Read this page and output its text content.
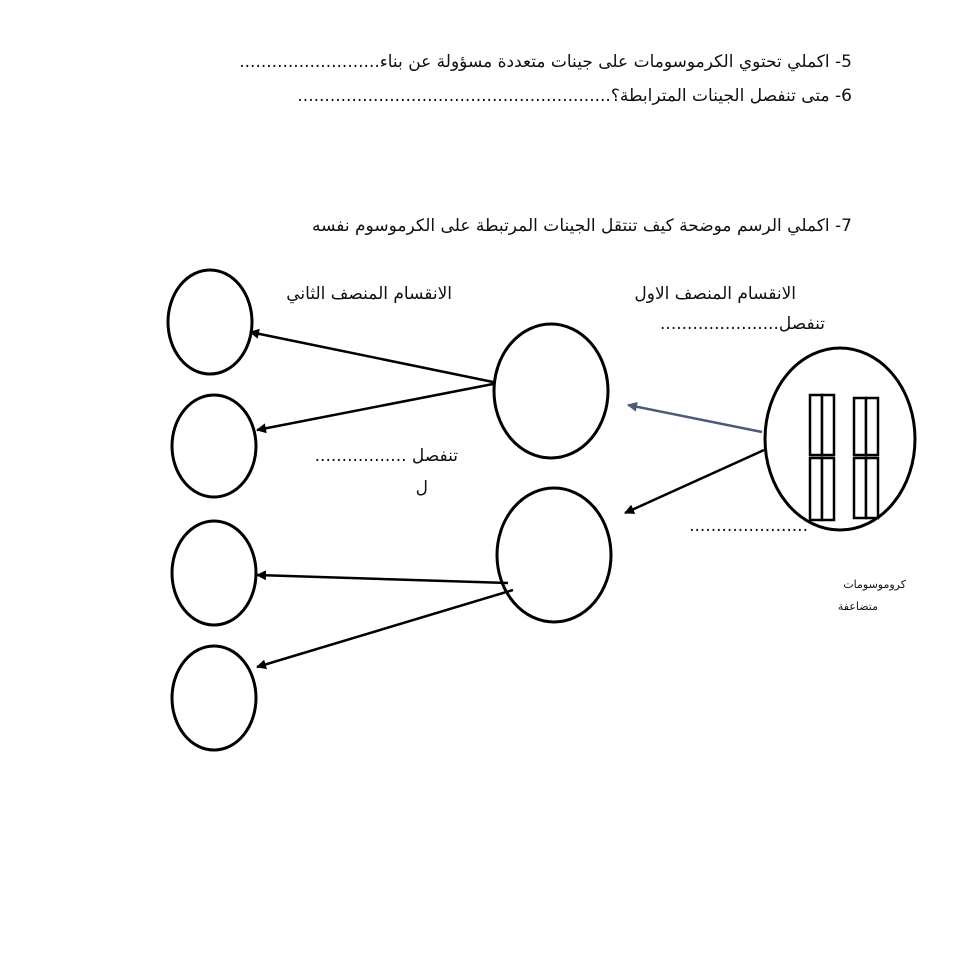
5- اكملي تحتوي الكرموسومات على جينات متعددة مسؤولة عن بناء..........................
6- متى تنفصل الجينات المترابطة؟..........................................................
7- اكملي الرسم موضحة كيف تنتقل الجينات المرتبطة على الكرموسوم نفسه
الانقسام المنصف الاول
تنفصل......................
الانقسام المنصف الثاني
تنفصل .................
ل
......................
كروموسومات
متضاعفة
